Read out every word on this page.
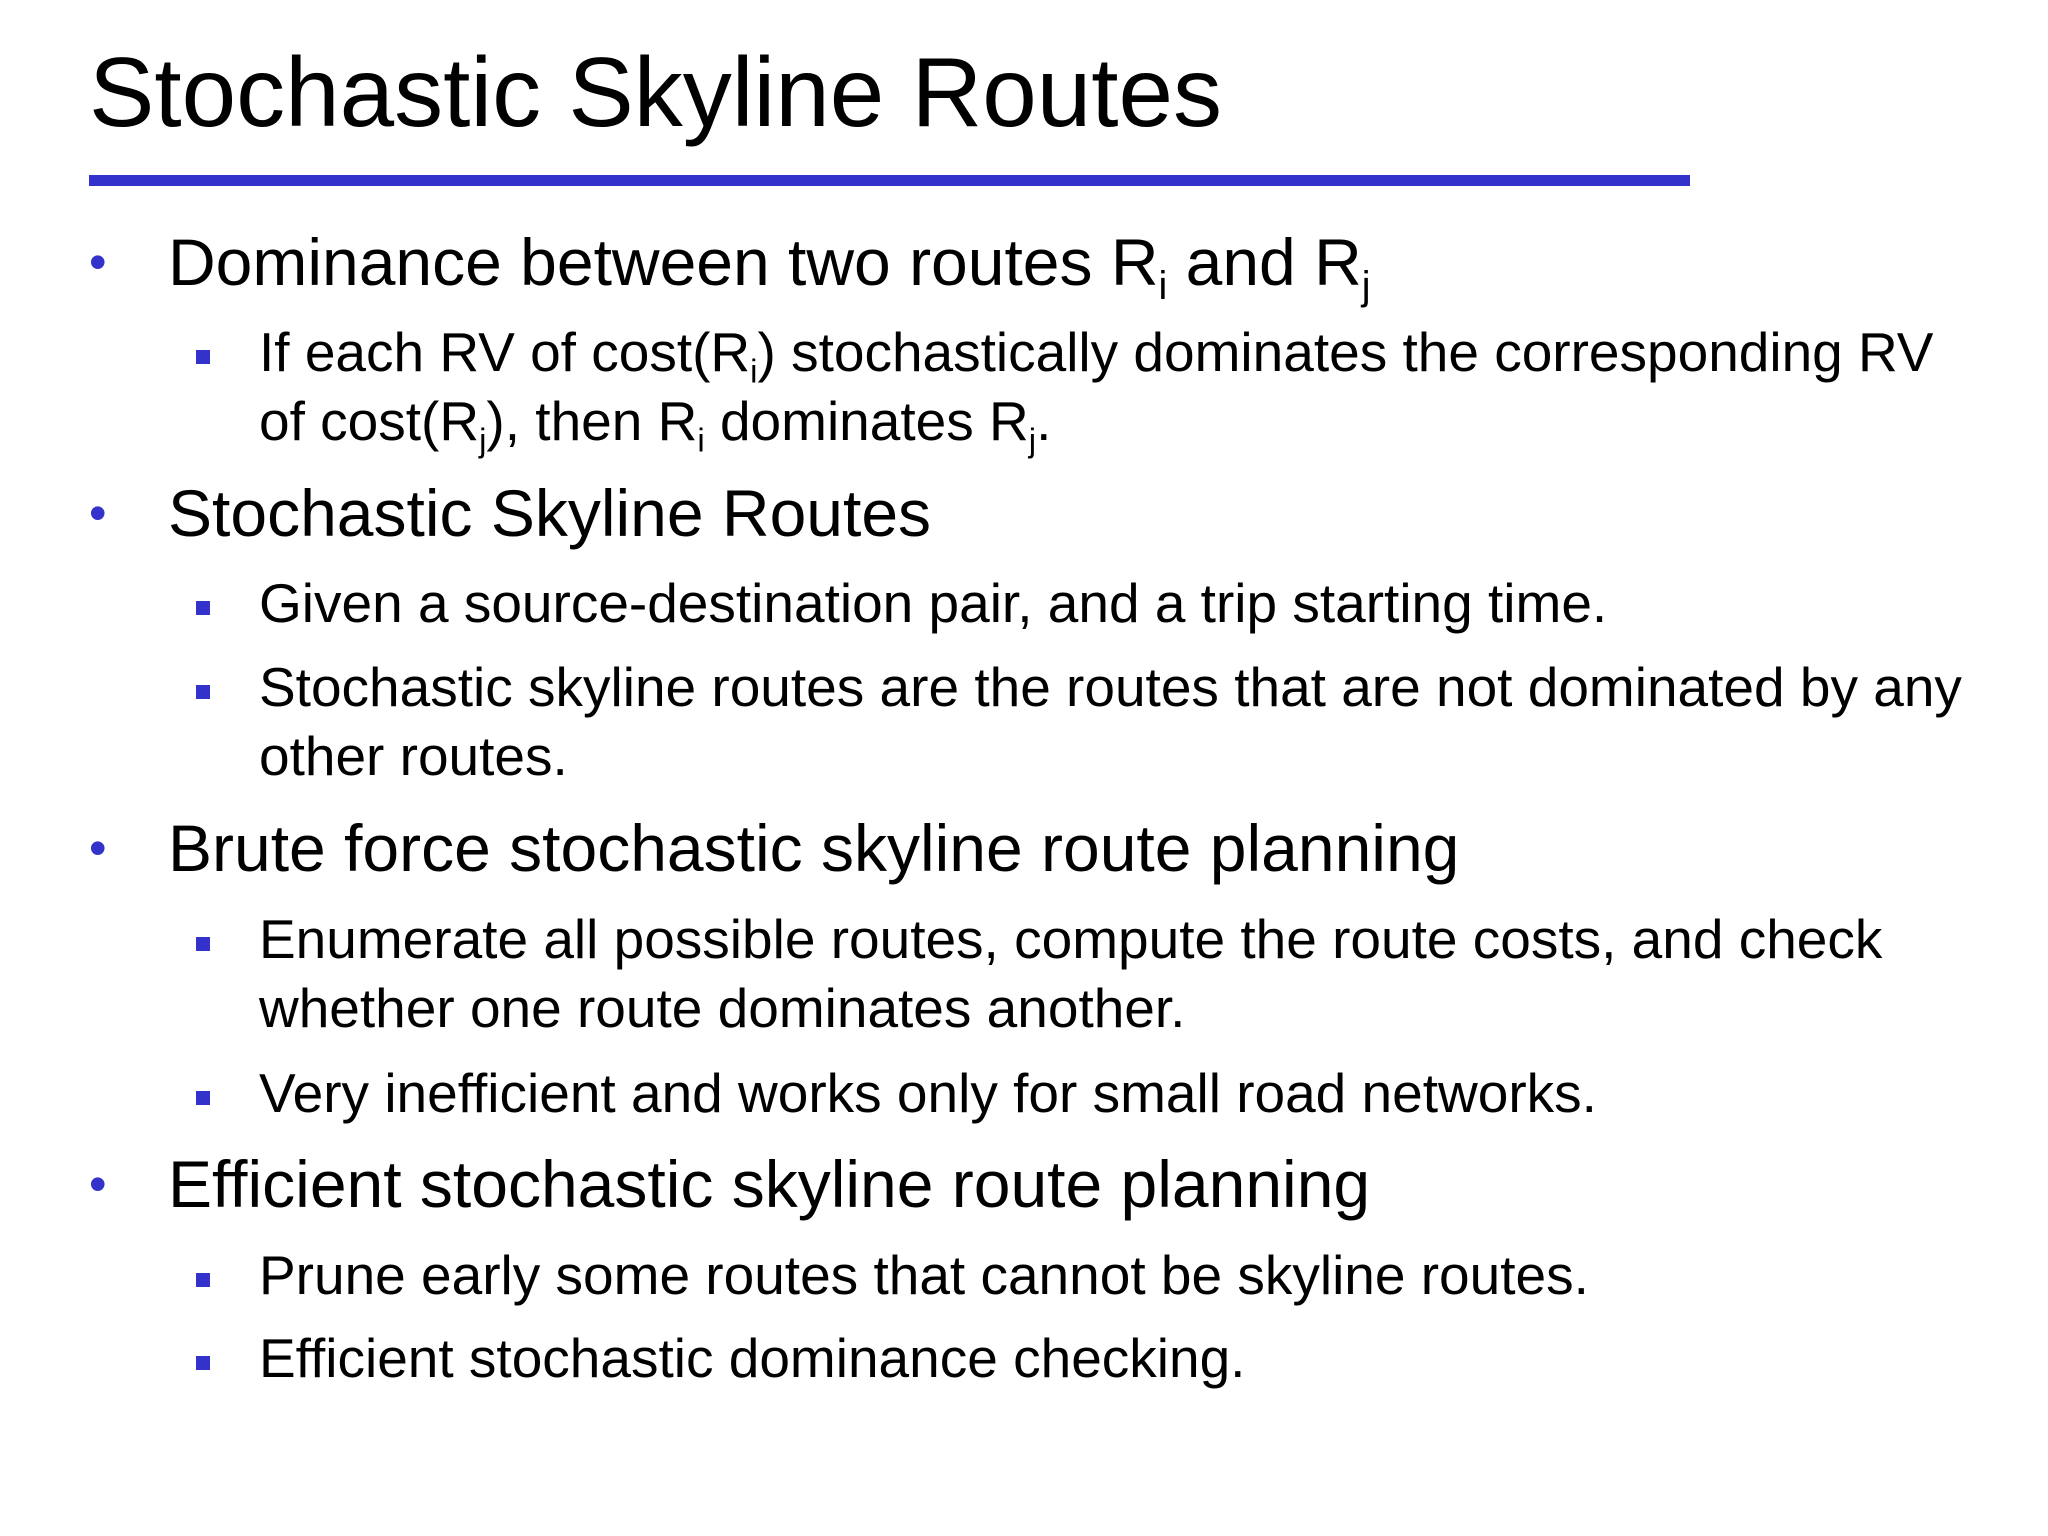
Stochastic Skyline Routes
• Dominance between two routes $R_i$ and $R_j$
If each RV of $\cos t(R_i)$ stochastically dominates the corresponding RV of $\cos t(R_j)$, then $R_i$ dominates $R_j$.
• Stochastic Skyline Routes
Given a source-destination pair, and a trip starting time.
Stochastic skyline routes are the routes that are not dominated by any other routes.
• Brute force stochastic skyline route planning
Enumerate all possible routes, compute the route costs, and check whether one route dominates another.
Very inefficient and works only for small road networks.
• Efficient stochastic skyline route planning
Prune early some routes that cannot be skyline routes.
Efficient stochastic dominance checking.
